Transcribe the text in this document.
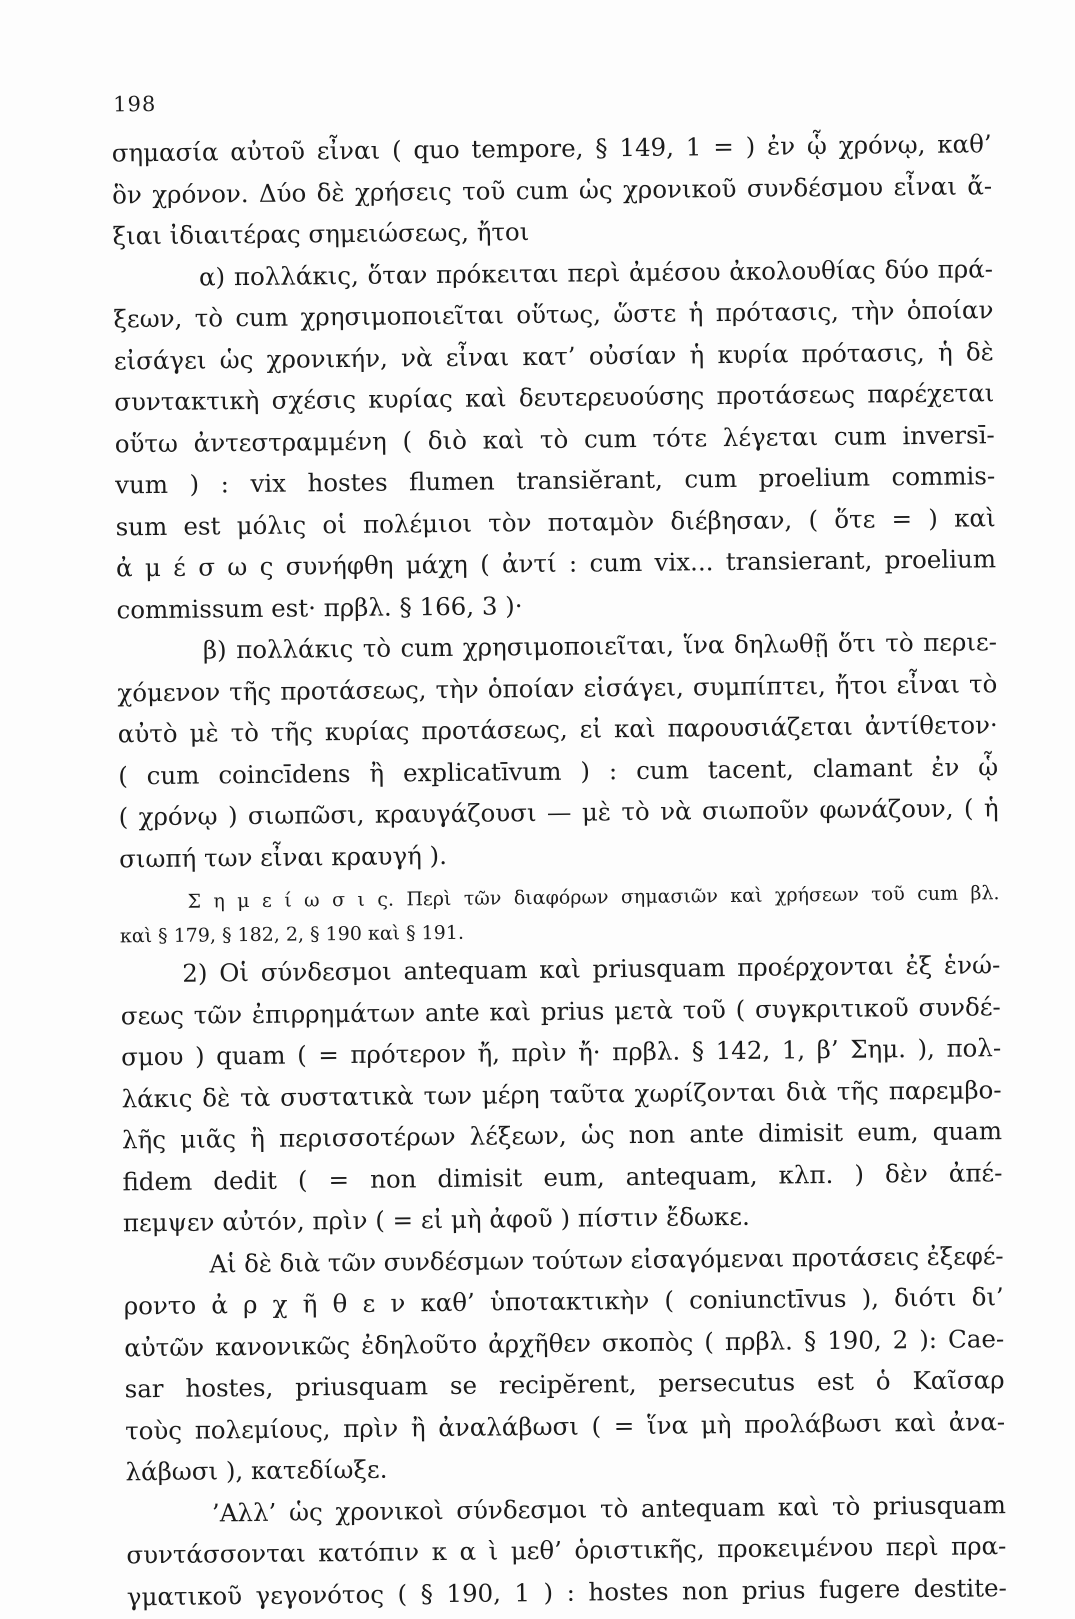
198
σημασία αὐτοῦ εἶναι ( quo tempore, § 149, 1 = ) ἐν ᾧ χρόνῳ, καθ’
ὃν χρόνον. Δύο δὲ χρήσεις τοῦ cum ὡς χρονικοῦ συνδέσμου εἶναι ἄ-
ξιαι ἰδιαιτέρας σημειώσεως, ἤτοι
α) πολλάκις, ὅταν πρόκειται περὶ ἀμέσου ἀκολουθίας δύο πρά-
ξεων, τὸ cum χρησιμοποιεῖται οὕτως, ὥστε ἡ πρότασις, τὴν ὁποίαν
εἰσάγει ὡς χρονικήν, νὰ εἶναι κατ’ οὐσίαν ἡ κυρία πρότασις, ἡ δὲ
συντακτικὴ σχέσις κυρίας καὶ δευτερευούσης προτάσεως παρέχεται
οὕτω ἀντεστραμμένη ( διὸ καὶ τὸ cum τότε λέγεται cum inversī-
vum ) : vix hostes flumen transiĕrant, cum proelium commis-
sum est μόλις οἱ πολέμιοι τὸν ποταμὸν διέβησαν, ( ὅτε = ) καὶ
ἀ μ έ σ ω ς συνήφθη μάχη ( ἀντί : cum vix... transierant, proelium
commissum est· πρβλ. § 166, 3 )·
β) πολλάκις τὸ cum χρησιμοποιεῖται, ἵνα δηλωθῇ ὅτι τὸ περιε-
χόμενον τῆς προτάσεως, τὴν ὁποίαν εἰσάγει, συμπίπτει, ἤτοι εἶναι τὸ
αὐτὸ μὲ τὸ τῆς κυρίας προτάσεως, εἰ καὶ παρουσιάζεται ἀντίθετον·
( cum coincīdens ἢ explicatīvum ) : cum tacent, clamant ἐν ᾧ
( χρόνῳ ) σιωπῶσι, κραυγάζουσι — μὲ τὸ νὰ σιωποῦν φωνάζουν, ( ἡ
σιωπή των εἶναι κραυγή ).
Σ η μ ε ί ω σ ι ς. Περὶ τῶν διαφόρων σημασιῶν καὶ χρήσεων τοῦ cum βλ.
καὶ § 179, § 182, 2, § 190 καὶ § 191.
2) Οἱ σύνδεσμοι antequam καὶ priusquam προέρχονται ἐξ ἑνώ-
σεως τῶν ἐπιρρημάτων ante καὶ prius μετὰ τοῦ ( συγκριτικοῦ συνδέ-
σμου ) quam ( = πρότερον ἤ, πρὶν ἤ· πρβλ. § 142, 1, β’ Σημ. ), πολ-
λάκις δὲ τὰ συστατικὰ των μέρη ταῦτα χωρίζονται διὰ τῆς παρεμβο-
λῆς μιᾶς ἢ περισσοτέρων λέξεων, ὡς non ante dimisit eum, quam
fidem dedit ( = non dimisit eum, antequam, κλπ. ) δὲν ἀπέ-
πεμψεν αὐτόν, πρὶν ( = εἰ μὴ ἀφοῦ ) πίστιν ἔδωκε.
Αἱ δὲ διὰ τῶν συνδέσμων τούτων εἰσαγόμεναι προτάσεις ἐξεφέ-
ροντο ἀ ρ χ ῆ θ ε ν καθ’ ὑποτακτικὴν ( coniunctīvus ), διότι δι’
αὐτῶν κανονικῶς ἐδηλοῦτο ἀρχῆθεν σκοπὸς ( πρβλ. § 190, 2 ): Cae-
sar hostes, priusquam se recipĕrent, persecutus est ὁ Καῖσαρ
τοὺς πολεμίους, πρὶν ἢ ἀναλάβωσι ( = ἵνα μὴ προλάβωσι καὶ ἀνα-
λάβωσι ), κατεδίωξε.
’Αλλ’ ὡς χρονικοὶ σύνδεσμοι τὸ antequam καὶ τὸ priusquam
συντάσσονται κατόπιν κ α ὶ μεθ’ ὁριστικῆς, προκειμένου περὶ πρα-
γματικοῦ γεγονότος ( § 190, 1 ) : hostes non prius fugere destite-
